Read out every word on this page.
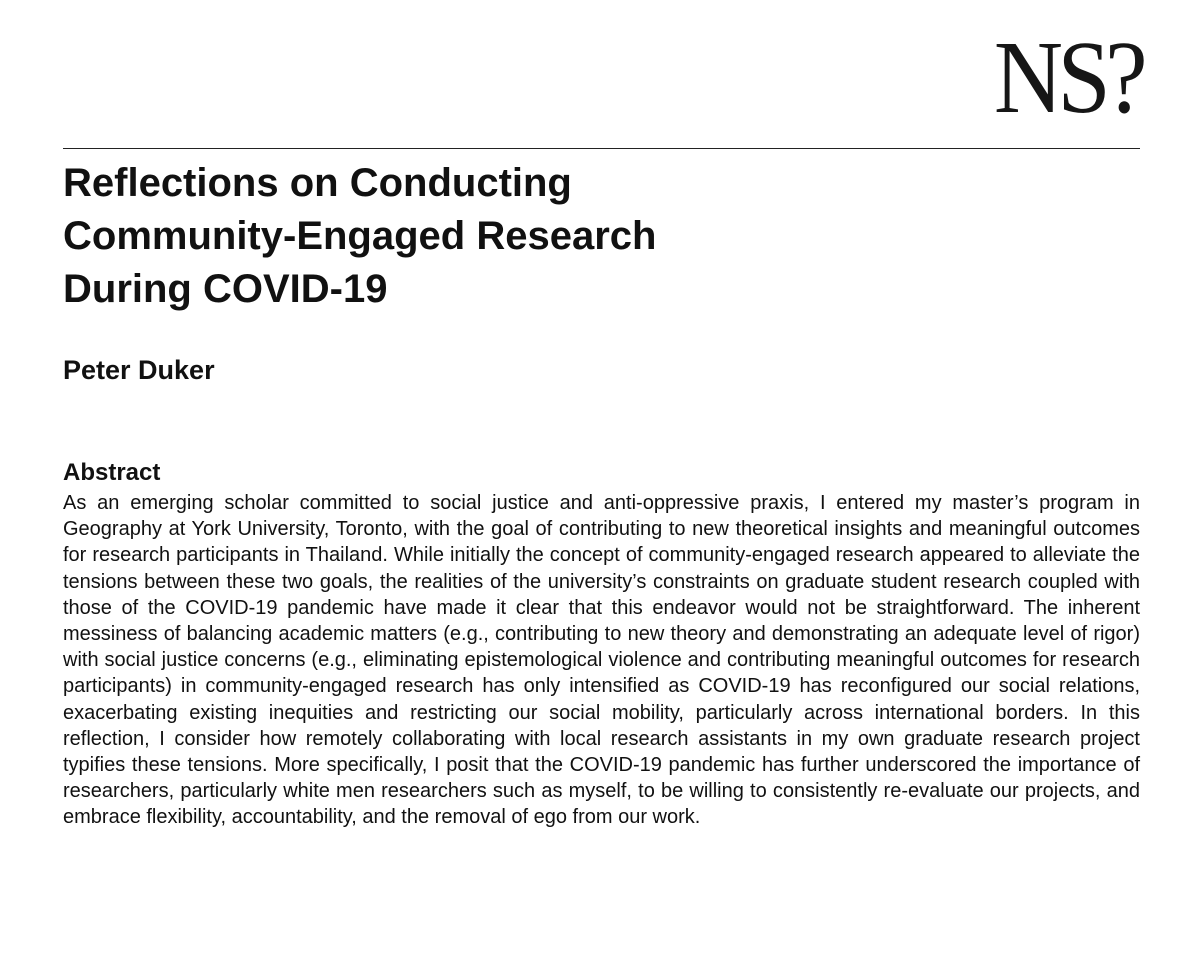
NS?
Reflections on Conducting
Community-Engaged Research
During COVID-19
Peter Duker
Abstract

As an emerging scholar committed to social justice and anti-oppressive praxis, I entered my master’s program in Geography at York University, Toronto, with the goal of contributing to new theoretical insights and meaningful outcomes for research participants in Thailand. While initially the concept of community-engaged research appeared to alleviate the tensions between these two goals, the realities of the university’s constraints on graduate student research coupled with those of the COVID-19 pandemic have made it clear that this endeavor would not be straightforward. The inherent messiness of balancing academic matters (e.g., contributing to new theory and demonstrating an adequate level of rigor) with social justice concerns (e.g., eliminating epistemological violence and contributing meaningful outcomes for research participants) in community-engaged research has only intensified as COVID-19 has reconfigured our social relations, exacerbating existing inequities and restricting our social mobility, particularly across international borders. In this reflection, I consider how remotely collaborating with local research assistants in my own graduate research project typifies these tensions. More specifically, I posit that the COVID-19 pandemic has further underscored the importance of researchers, particularly white men researchers such as myself, to be willing to consistently re-evaluate our projects, and embrace flexibility, accountability, and the removal of ego from our work.
